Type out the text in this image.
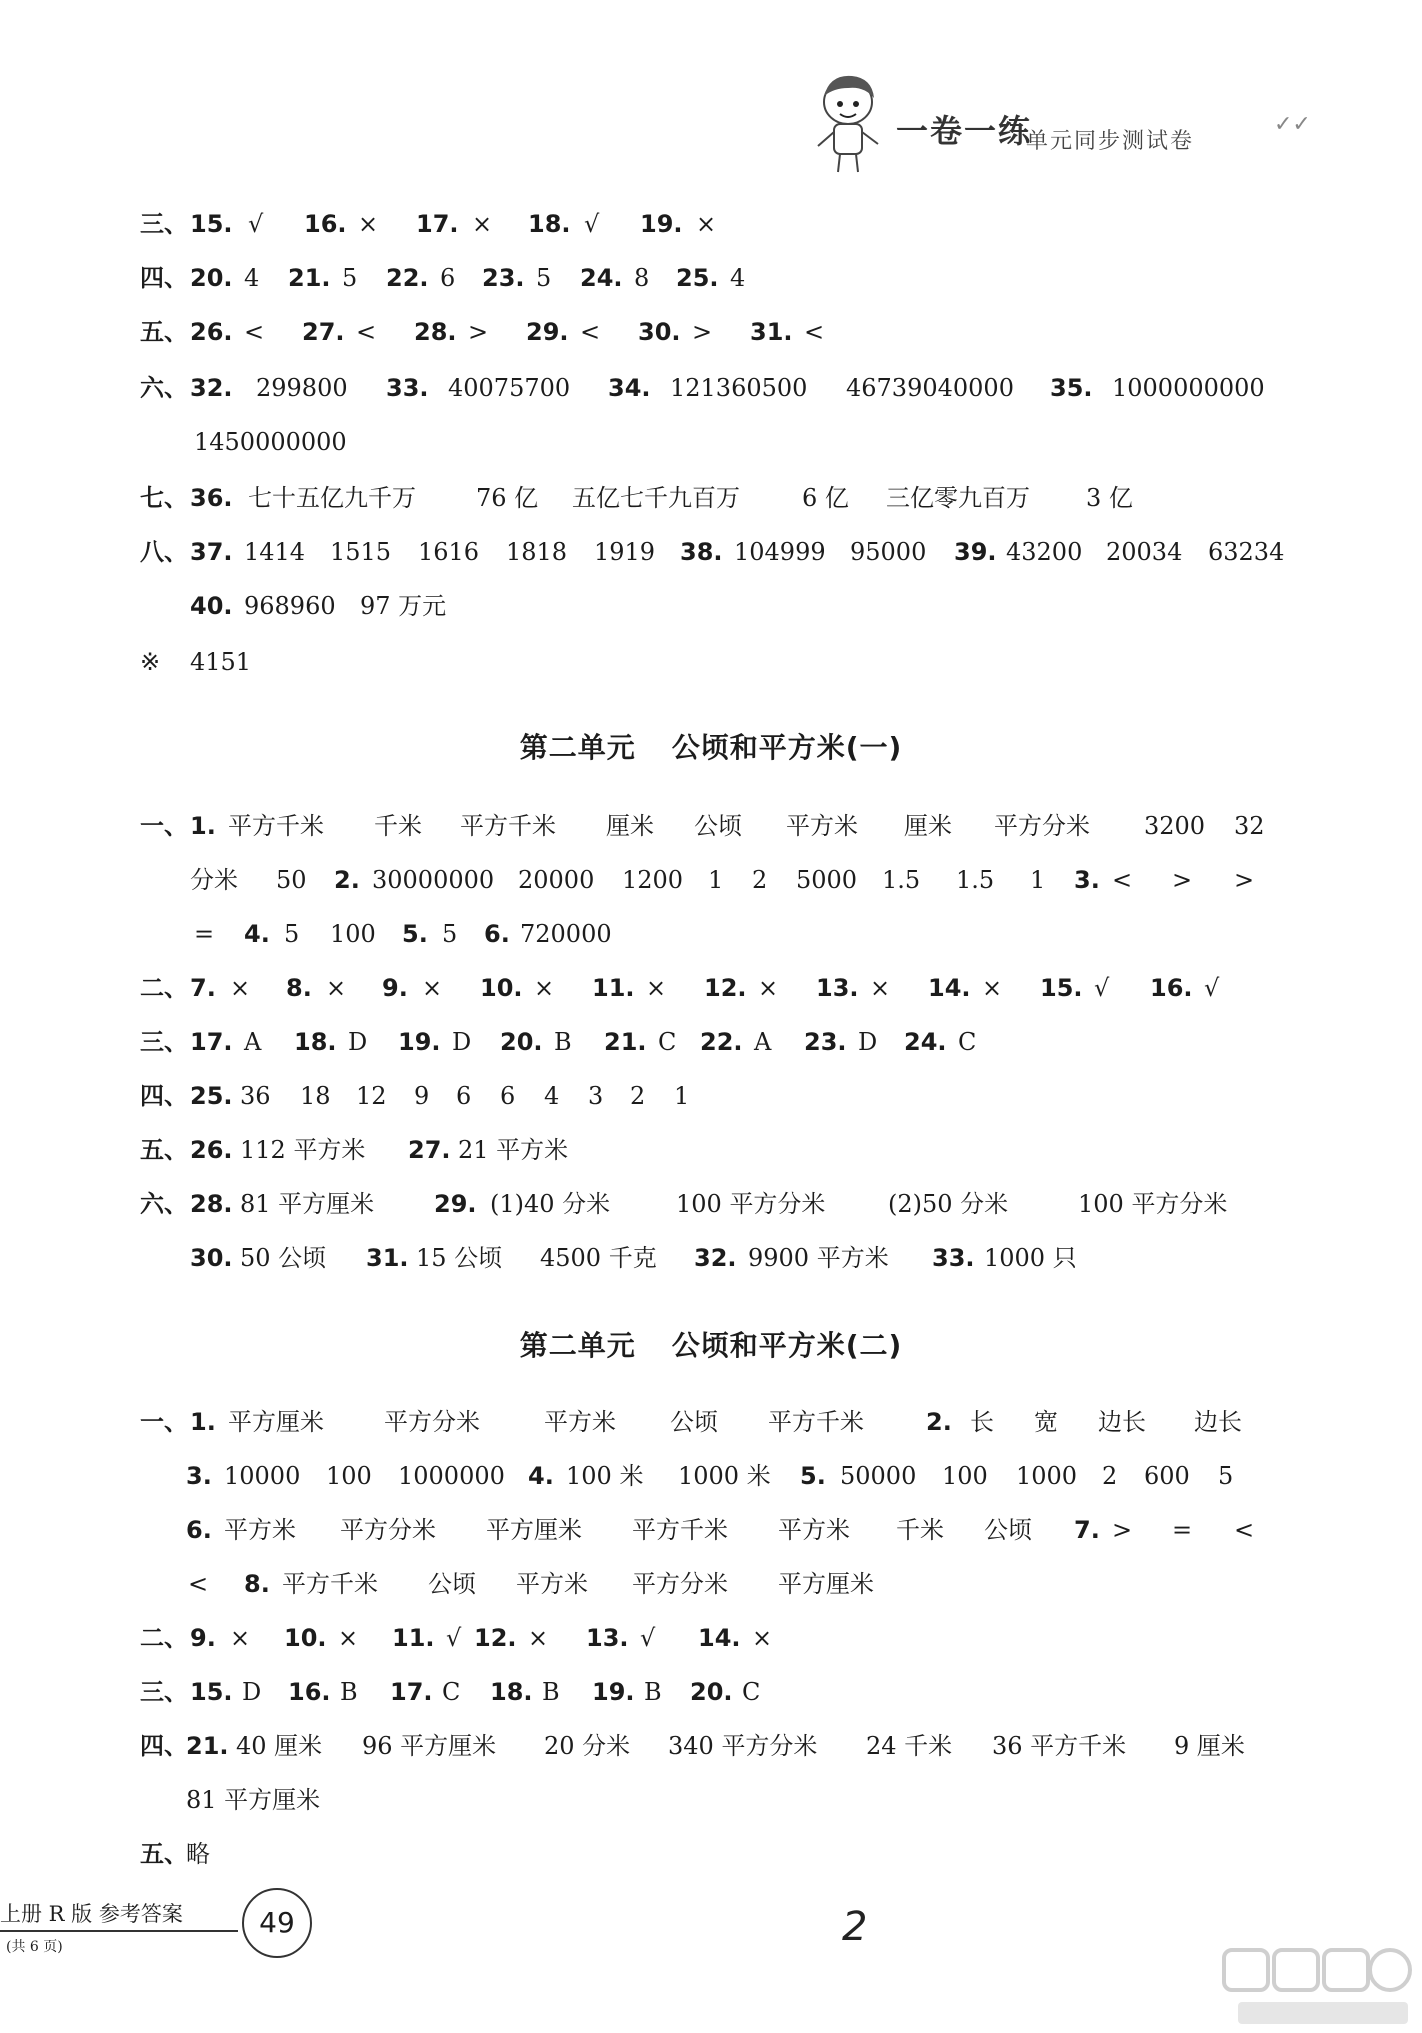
一卷一练
单元同步测试卷
✓✓
三、 15. √ 16. × 17. × 18. √ 19. ×
四、 20. 4 21. 5 22. 6 23. 5 24. 8 25. 4
五、 26. < 27. < 28. > 29. < 30. > 31. <
六、 32. 299800 33. 40075700 34. 121360500 46739040000 35. 1000000000
1450000000
七、 36. 七十五亿九千万	76 亿 五亿七千九百万	6 亿 三亿零九百万 3 亿
八、 37. 1414 1515 1616 1818 1919 38. 104999 95000 39. 43200 20034 63234
40. 968960 97 万元
※ 4151
第二单元 公顷和平方米(一)
一、 1. 平方千米 千米 平方千米 厘米 公顷 平方米 厘米 平方分米 3200 32
分米 50 2. 30000000 20000 1200 1 2 5000 1.5 1.5 1 3. < > >
= 4. 5 100 5. 5 6. 720000
二、 7. × 8. × 9. × 10. × 11. × 12. × 13. × 14. × 15. √ 16. √
三、 17. A 18. D 19. D 20. B 21. C 22. A 23. D 24. C
四、 25. 36 18 12 9 6 6 4 3 2 1
五、 26. 112 平方米 27. 21 平方米
六、 28. 81 平方厘米 29. (1)40 分米	100 平方分米	(2)50 分米	100 平方分米
30. 50 公顷 31. 15 公顷 4500 千克 32. 9900 平方米 33. 1000 只
第二单元 公顷和平方米(二)
一、 1. 平方厘米	平方分米	平方米 公顷 平方千米	2. 长 宽 边长 边长
3. 10000 100 1000000 4. 100 米 1000 米 5. 50000 100 1000 2 600 5
6. 平方米 平方分米 平方厘米 平方千米 平方米 千米 公顷 7. > = <
< 8. 平方千米 公顷 平方米 平方分米 平方厘米
二、 9. × 10. × 11. √ 12. × 13. √ 14. ×
三、 15. D 16. B 17. C 18. B 19. B 20. C
四、
21. 40 厘米 96 平方厘米 20 分米 340 平方分米 24 千米 36 平方千米 9 厘米
81 平方厘米
五、
略
上册 R 版 参考答案
(共 6 页)
49	2
